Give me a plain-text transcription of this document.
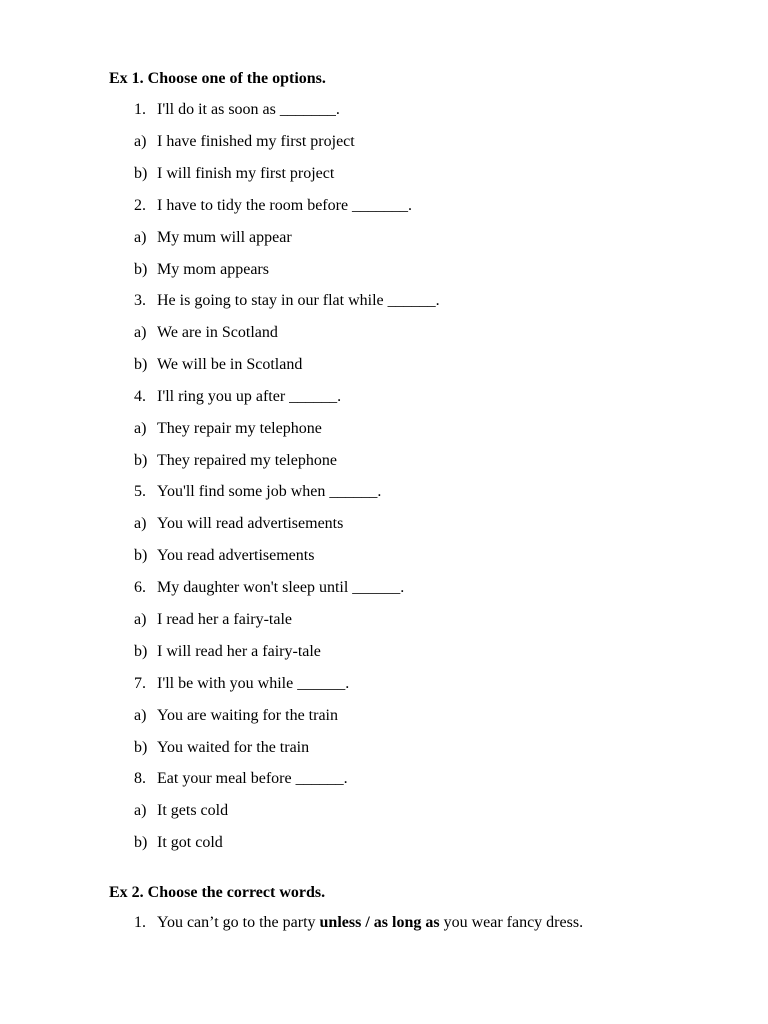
Ex 1. Choose one of the options.
1. I'll do it as soon as _______.
a) I have finished my first project
b) I will finish my first project
2. I have to tidy the room before _______.
a) My mum will appear
b) My mom appears
3. He is going to stay in our flat while ______.
a) We are in Scotland
b) We will be in Scotland
4. I'll ring you up after ______.
a) They repair my telephone
b) They repaired my telephone
5. You'll find some job when ______.
a) You will read advertisements
b) You read advertisements
6. My daughter won't sleep until ______.
a) I read her a fairy-tale
b) I will read her a fairy-tale
7. I'll be with you while ______.
a) You are waiting for the train
b) You waited for the train
8. Eat your meal before ______.
a) It gets cold
b) It got cold
Ex 2. Choose the correct words.
1. You can’t go to the party unless / as long as you wear fancy dress.
